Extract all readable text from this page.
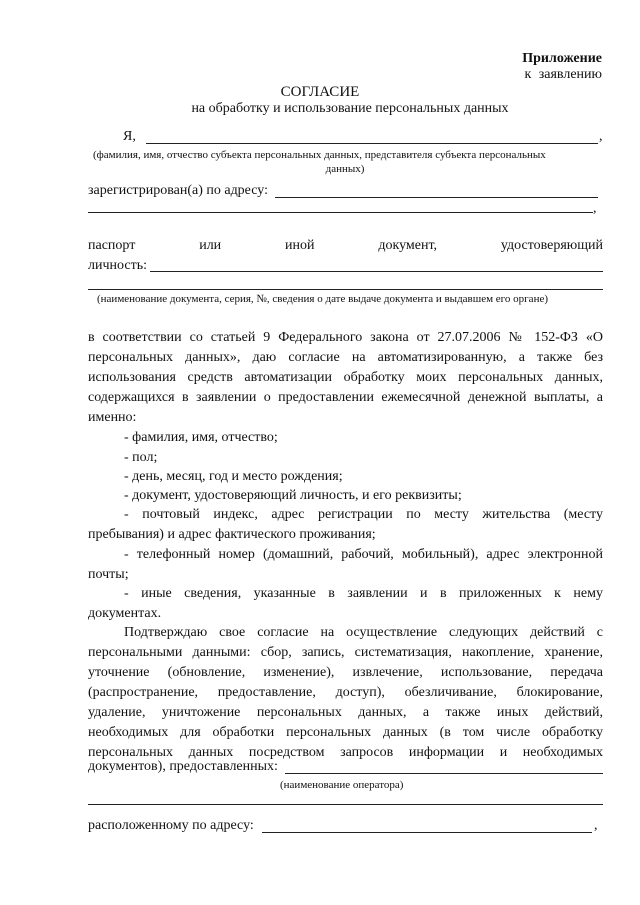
Приложение
к заявлению
СОГЛАСИЕ
на обработку и использование персональных данных
Я,	,
(фамилия, имя, отчество субъекта персональных данных, представителя субъекта персональных
данных)
зарегистрирован(а) по адресу:
,
паспорт	или	иной	документ,	удостоверяющий
личность:
(наименование документа, серия, №, сведения о дате выдаче документа и выдавшем его органе)
в соответствии со статьей 9 Федерального закона от 27.07.2006 № 152-ФЗ «О
персональных данных», даю согласие на автоматизированную, а также без
использования средств автоматизации обработку моих персональных данных,
содержащихся в заявлении о предоставлении ежемесячной денежной выплаты, а
именно:
- фамилия, имя, отчество;
- пол;
- день, месяц, год и место рождения;
- документ, удостоверяющий личность, и его реквизиты;
- почтовый индекс, адрес регистрации по месту жительства (месту
пребывания) и адрес фактического проживания;
- телефонный номер (домашний, рабочий, мобильный), адрес электронной
почты;
- иные сведения, указанные в заявлении и в приложенных к нему
документах.
Подтверждаю свое согласие на осуществление следующих действий с
персональными данными: сбор, запись, систематизация, накопление, хранение,
уточнение (обновление, изменение), извлечение, использование, передача
(распространение, предоставление, доступ), обезличивание, блокирование,
удаление, уничтожение персональных данных, а также иных действий,
необходимых для обработки персональных данных (в том числе обработку
персональных данных посредством запросов информации и необходимых
документов), предоставленных:
(наименование оператора)
расположенному по адресу:	,
